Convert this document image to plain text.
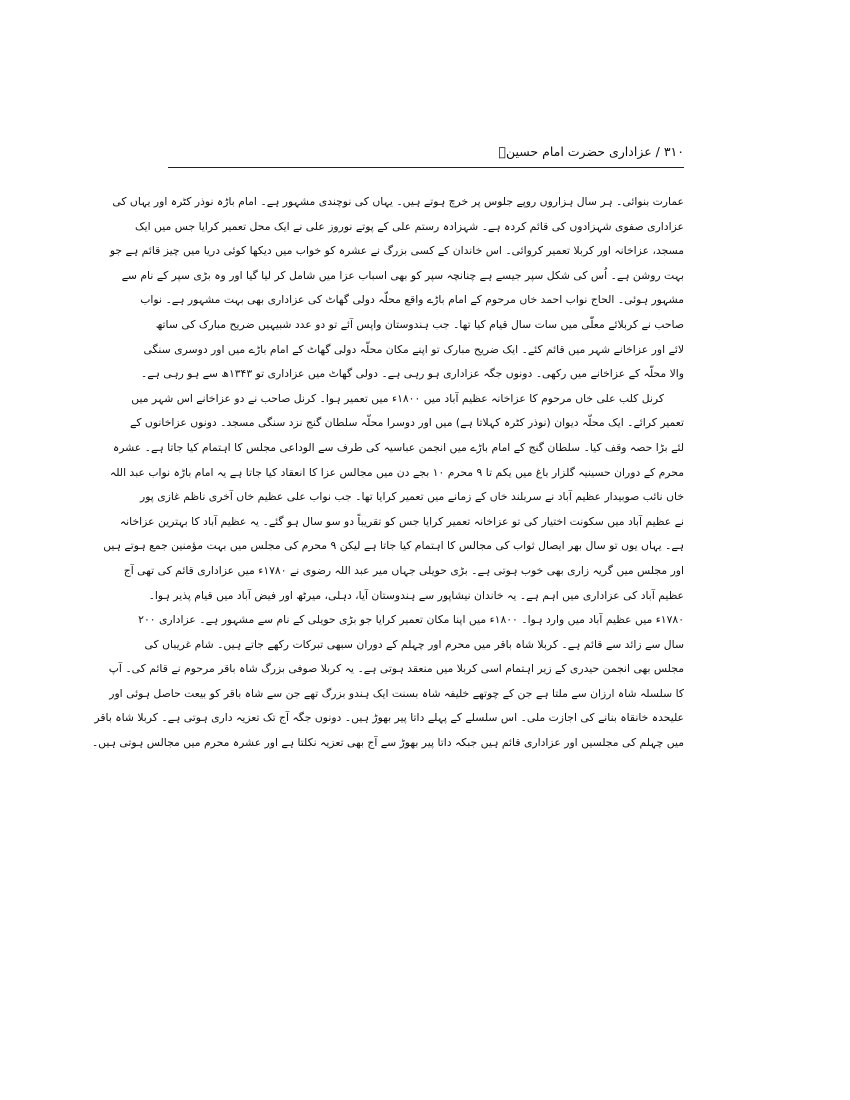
۳۱۰ / عزاداری حضرت امام حسینؑ
عمارت بنوائی۔ ہر سال ہزاروں روپے جلوس پر خرچ ہوتے ہیں۔ یہاں کی نوچندی مشہور ہے۔ امام باڑہ نوذر کٹرہ اور یہاں کی
عزاداری صفوی شہزادوں کی قائم کردہ ہے۔ شہزادہ رستم علی کے پوتے نوروز علی نے ایک محل تعمیر کرایا جس میں ایک
مسجد، عزاخانہ اور کربلا تعمیر کروائی۔ اس خاندان کے کسی بزرگ نے عشرہ کو خواب میں دیکھا کوئی دریا میں چیز قائم ہے جو
بہت روشن ہے۔ اُس کی شکل سپر جیسے ہے چنانچہ سپر کو بھی اسباب عزا میں شامل کر لیا گیا اور وہ بڑی سپر کے نام سے
مشہور ہوئی۔ الحاج نواب احمد خاں مرحوم کے امام باڑے واقع محلّہ دولی گھاٹ کی عزاداری بھی بہت مشہور ہے۔ نواب
صاحب نے کربلائے معلّٰی میں سات سال قیام کیا تھا۔ جب ہندوستان واپس آئے تو دو عدد شبیہیں ضریح مبارک کی ساتھ
لائے اور عزاخانے شہر میں قائم کئے۔ ایک ضریح مبارک تو اپنے مکان محلّہ دولی گھاٹ کے امام باڑے میں اور دوسری سنگی
والا محلّہ کے عزاخانے میں رکھی۔ دونوں جگہ عزاداری ہو رہی ہے۔ دولی گھاٹ میں عزاداری تو ۱۳۴۳ھ سے ہو رہی ہے۔
کرنل کلب علی خاں مرحوم کا عزاخانہ عظیم آباد میں ۱۸۰۰ء میں تعمیر ہوا۔ کرنل صاحب نے دو عزاخانے اس شہر میں
تعمیر کرائے۔ ایک محلّہ دیوان (نوذر کٹرہ کہلاتا ہے) میں اور دوسرا محلّہ سلطان گنج نزد سنگی مسجد۔ دونوں عزاخانوں کے
لئے بڑا حصہ وقف کیا۔ سلطان گنج کے امام باڑے میں انجمن عباسیہ کی طرف سے الوداعی مجلس کا اہتمام کیا جاتا ہے۔ عشرہ
محرم کے دوران حسینیہ گلزار باغ میں یکم تا ۹ محرم ۱۰ بجے دن میں مجالس عزا کا انعقاد کیا جاتا ہے یہ امام باڑہ نواب عبد اللہ
خاں نائب صوبیدار عظیم آباد نے سربلند خاں کے زمانے میں تعمیر کرایا تھا۔ جب نواب علی عظیم خاں آخری ناظم غازی پور
نے عظیم آباد میں سکونت اختیار کی تو عزاخانہ تعمیر کرایا جس کو تقریباً دو سو سال ہو گئے۔ یہ عظیم آباد کا بہترین عزاخانہ
ہے۔ یہاں یوں تو سال بھر ایصال ثواب کی مجالس کا اہتمام کیا جاتا ہے لیکن ۹ محرم کی مجلس میں بہت مؤمنین جمع ہوتے ہیں
اور مجلس میں گریہ زاری بھی خوب ہوتی ہے۔ بڑی حویلی جہاں میر عبد اللہ رضوی نے ۱۷۸۰ء میں عزاداری قائم کی تھی آج
عظیم آباد کی عزاداری میں اہم ہے۔ یہ خاندان نیشاپور سے ہندوستان آیا، دہلی، میرٹھ اور فیض آباد میں قیام پذیر ہوا۔
۱۷۸۰ء میں عظیم آباد میں وارد ہوا۔ ۱۸۰۰ء میں اپنا مکان تعمیر کرایا جو بڑی حویلی کے نام سے مشہور ہے۔ عزاداری ۲۰۰
سال سے زائد سے قائم ہے۔ کربلا شاہ باقر میں محرم اور چہلم کے دوران سبھی تبرکات رکھے جاتے ہیں۔ شام غریباں کی
مجلس بھی انجمن حیدری کے زیر اہتمام اسی کربلا میں منعقد ہوتی ہے۔ یہ کربلا صوفی بزرگ شاہ باقر مرحوم نے قائم کی۔ آپ
کا سلسلہ شاہ ارزان سے ملتا ہے جن کے چوتھے خلیفہ شاہ بسنت ایک ہندو بزرگ تھے جن سے شاہ باقر کو بیعت حاصل ہوئی اور
علیحدہ خانقاہ بنانے کی اجازت ملی۔ اس سلسلے کے پہلے داتا پیر بھوڑ ہیں۔ دونوں جگہ آج تک تعزیہ داری ہوتی ہے۔ کربلا شاہ باقر
میں چہلم کی مجلسیں اور عزاداری قائم ہیں جبکہ داتا پیر بھوڑ سے آج بھی تعزیہ نکلتا ہے اور عشرہ محرم میں مجالس ہوتی ہیں۔
